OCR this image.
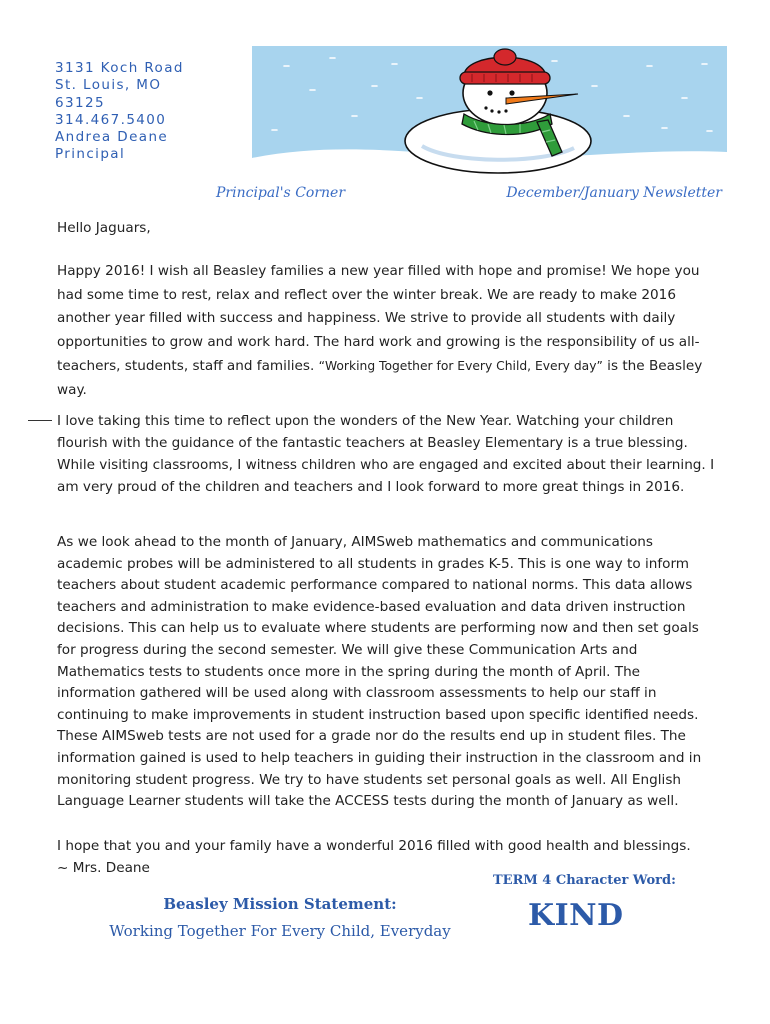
3131 Koch Road
St. Louis, MO
63125
314.467.5400
Andrea Deane
Principal
Principal's Corner	December/January Newsletter
Hello Jaguars,
Happy 2016! I wish all Beasley families a new year filled with hope and promise! We hope you had some time to rest, relax and reflect over the winter break. We are ready to make 2016 another year filled with success and happiness. We strive to provide all students with daily opportunities to grow and work hard. The hard work and growing is the responsibility of us all- teachers, students, staff and families. “Working Together for Every Child, Every day” is the Beasley way.
I love taking this time to reflect upon the wonders of the New Year. Watching your children flourish with the guidance of the fantastic teachers at Beasley Elementary is a true blessing. While visiting classrooms, I witness children who are engaged and excited about their learning. I am very proud of the children and teachers and I look forward to more great things in 2016.
As we look ahead to the month of January, AIMSweb mathematics and communications academic probes will be administered to all students in grades K-5. This is one way to inform teachers about student academic performance compared to national norms. This data allows teachers and administration to make evidence-based evaluation and data driven instruction decisions. This can help us to evaluate where students are performing now and then set goals for progress during the second semester. We will give these Communication Arts and Mathematics tests to students once more in the spring during the month of April. The information gathered will be used along with classroom assessments to help our staff in continuing to make improvements in student instruction based upon specific identified needs. These AIMSweb tests are not used for a grade nor do the results end up in student files. The information gained is used to help teachers in guiding their instruction in the classroom and in monitoring student progress. We try to have students set personal goals as well. All English Language Learner students will take the ACCESS tests during the month of January as well.
I hope that you and your family have a wonderful 2016 filled with good health and blessings.
~ Mrs. Deane
Beasley Mission Statement:
Working Together For Every Child, Everyday
TERM 4 Character Word:
KIND
